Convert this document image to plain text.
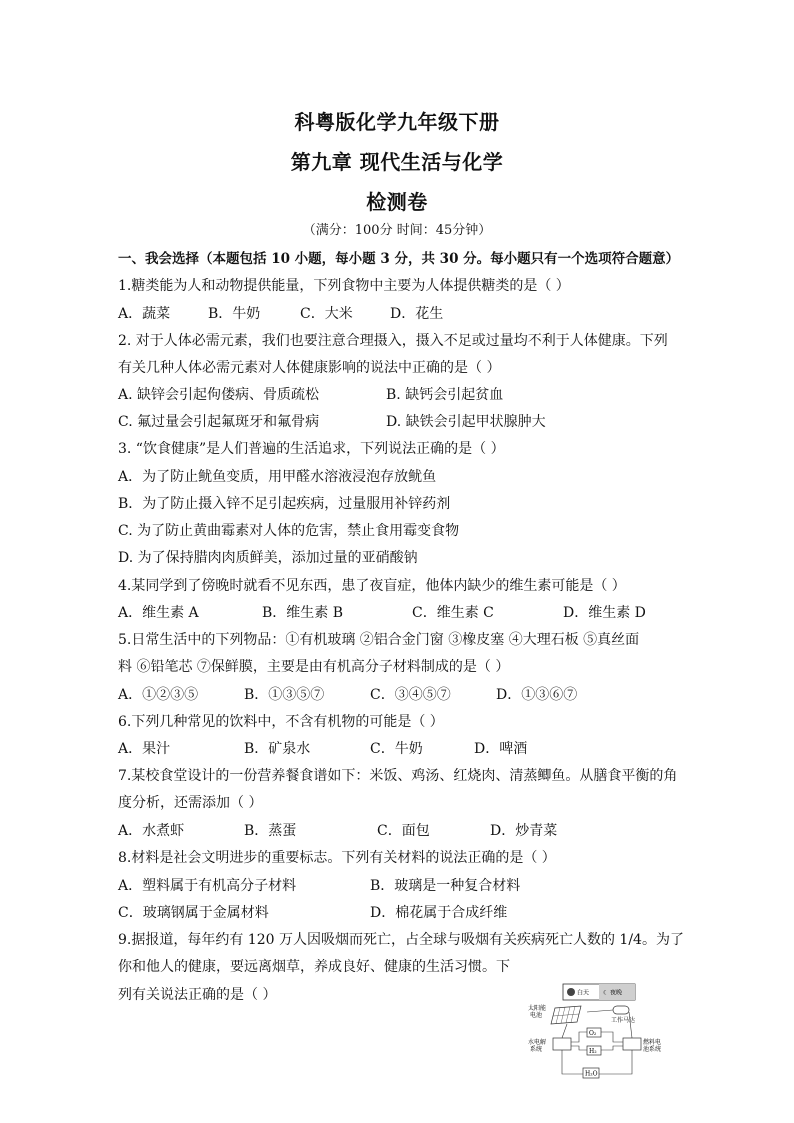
科粤版化学九年级下册
第九章 现代生活与化学
检测卷
（满分：100分 时间：45分钟）
一、我会选择（本题包括 10 小题，每小题 3 分，共 30 分。每小题只有一个选项符合题意）
1.糖类能为人和动物提供能量，下列食物中主要为人体提供糖类的是（ ）
A．蔬菜	B．牛奶	C．大米	D．花生
2. 对于人体必需元素，我们也要注意合理摄入，摄入不足或过量均不利于人体健康。下列
有关几种人体必需元素对人体健康影响的说法中正确的是（ ）
A. 缺锌会引起佝偻病、骨质疏松	B. 缺钙会引起贫血
C. 氟过量会引起氟斑牙和氟骨病	D. 缺铁会引起甲状腺肿大
3. “饮食健康”是人们普遍的生活追求，下列说法正确的是（ ）
A．为了防止鱿鱼变质，用甲醛水溶液浸泡存放鱿鱼
B．为了防止摄入锌不足引起疾病，过量服用补锌药剂
C. 为了防止黄曲霉素对人体的危害，禁止食用霉变食物
D. 为了保持腊肉肉质鲜美，添加过量的亚硝酸钠
4.某同学到了傍晚时就看不见东西，患了夜盲症，他体内缺少的维生素可能是（ ）
A．维生素 A	B．维生素 B	C．维生素 C	D．维生素 D
5.日常生活中的下列物品：①有机玻璃 ②铝合金门窗 ③橡皮塞 ④大理石板 ⑤真丝面
料 ⑥铅笔芯 ⑦保鲜膜，主要是由有机高分子材料制成的是（ ）
A．①②③⑤	B．①③⑤⑦	C．③④⑤⑦	D．①③⑥⑦
6.下列几种常见的饮料中，不含有机物的可能是（ ）
A．果汁	B．矿泉水	C．牛奶	D．啤酒
7.某校食堂设计的一份营养餐食谱如下：米饭、鸡汤、红烧肉、清蒸鲫鱼。从膳食平衡的角
度分析，还需添加（ ）
A．水煮虾	B．蒸蛋	C．面包	D．炒青菜
8.材料是社会文明进步的重要标志。下列有关材料的说法正确的是（ ）
A．塑料属于有机高分子材料	B．玻璃是一种复合材料
C．玻璃钢属于金属材料	D．棉花属于合成纤维
9.据报道，每年约有 120 万人因吸烟而死亡，占全球与吸烟有关疾病死亡人数的 1/4。为了
你和他人的健康，要远离烟草，养成良好、健康的生活习惯。下
列有关说法正确的是（ ）	白天 ☾ 夜晚
太阳能
电池
工作马达
O₂
H₂
水电解
系统
燃料电
池系统
H₂O
